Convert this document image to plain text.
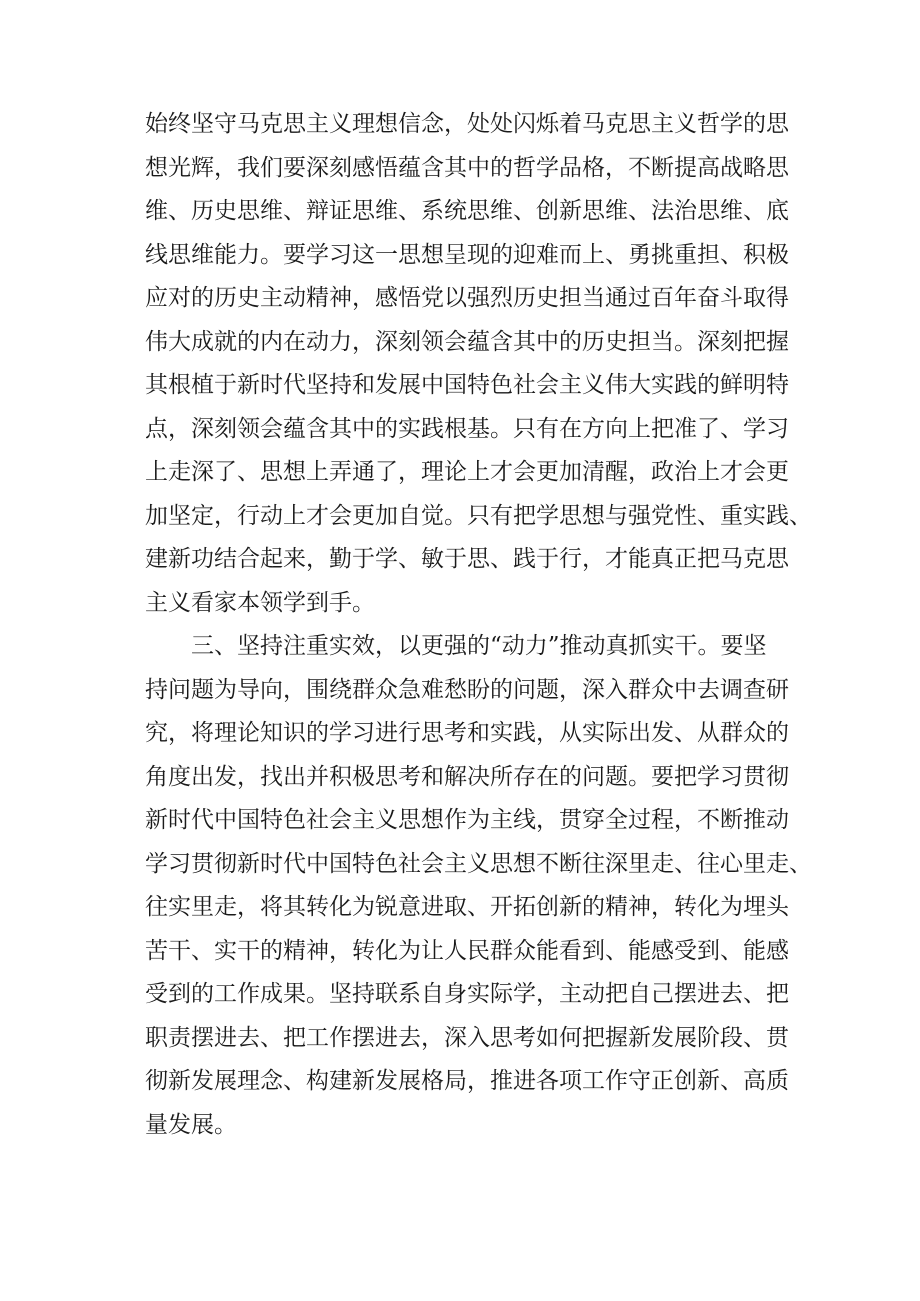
始终坚守马克思主义理想信念，处处闪烁着马克思主义哲学的思
想光辉，我们要深刻感悟蕴含其中的哲学品格，不断提高战略思
维、历史思维、辩证思维、系统思维、创新思维、法治思维、底
线思维能力。要学习这一思想呈现的迎难而上、勇挑重担、积极
应对的历史主动精神，感悟党以强烈历史担当通过百年奋斗取得
伟大成就的内在动力，深刻领会蕴含其中的历史担当。深刻把握
其根植于新时代坚持和发展中国特色社会主义伟大实践的鲜明特
点，深刻领会蕴含其中的实践根基。只有在方向上把准了、学习
上走深了、思想上弄通了，理论上才会更加清醒，政治上才会更
加坚定，行动上才会更加自觉。只有把学思想与强党性、重实践、
建新功结合起来，勤于学、敏于思、践于行，才能真正把马克思
主义看家本领学到手。
三、坚持注重实效，以更强的“动力”推动真抓实干。要坚
持问题为导向，围绕群众急难愁盼的问题，深入群众中去调查研
究，将理论知识的学习进行思考和实践，从实际出发、从群众的
角度出发，找出并积极思考和解决所存在的问题。要把学习贯彻
新时代中国特色社会主义思想作为主线，贯穿全过程，不断推动
学习贯彻新时代中国特色社会主义思想不断往深里走、往心里走、
往实里走，将其转化为锐意进取、开拓创新的精神，转化为埋头
苦干、实干的精神，转化为让人民群众能看到、能感受到、能感
受到的工作成果。坚持联系自身实际学，主动把自己摆进去、把
职责摆进去、把工作摆进去，深入思考如何把握新发展阶段、贯
彻新发展理念、构建新发展格局，推进各项工作守正创新、高质
量发展。
